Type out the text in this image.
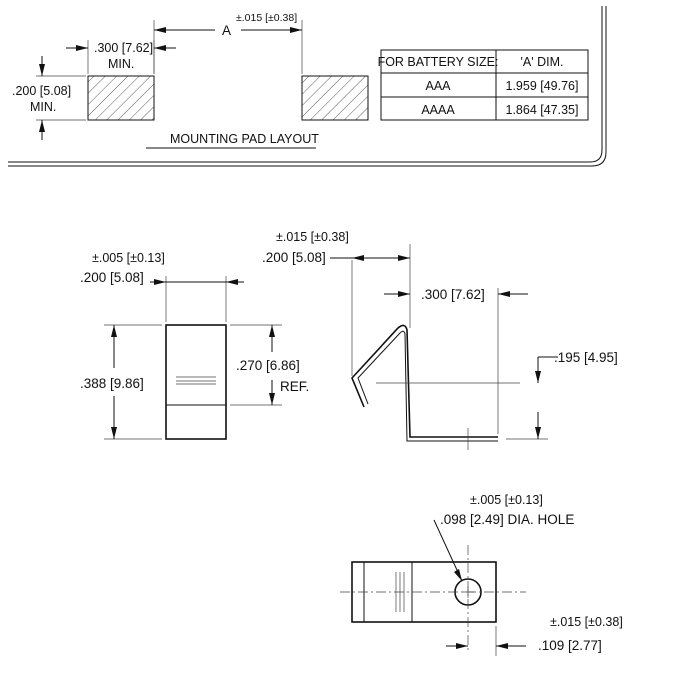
A
±.015 [±0.38]
.300 [7.62]
MIN.
.200 [5.08]
MIN.
MOUNTING PAD LAYOUT
FOR BATTERY SIZE: 'A' DIM.
AAA	1.959 [49.76]
AAAA	1.864 [47.35]
±.005 [±0.13]
.200 [5.08]
.388 [9.86]
.270 [6.86]
REF.
±.015 [±0.38]
.200 [5.08]
.300 [7.62]
.195 [4.95]
±.005 [±0.13]
.098 [2.49] DIA. HOLE
±.015 [±0.38]
.109 [2.77]
